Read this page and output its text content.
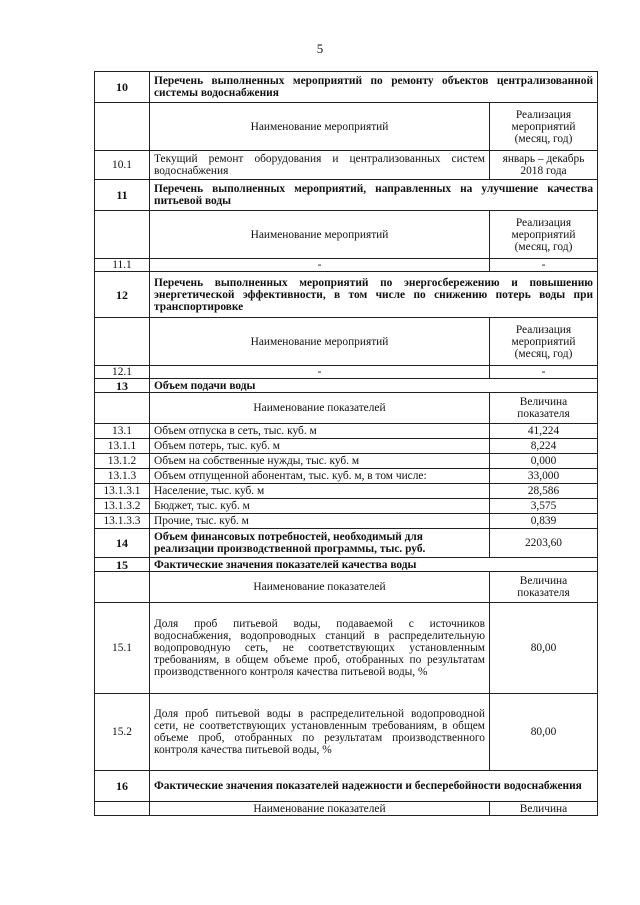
5
10	Перечень выполненных мероприятий по ремонту объектов централизованной системы водоснабжения	
	Наименование мероприятий	Реализация мероприятий (месяц, год)
10.1	Текущий ремонт оборудования и централизованных систем водоснабжения	январь – декабрь 2018 года
11	Перечень выполненных мероприятий, направленных на улучшение качества питьевой воды	
	Наименование мероприятий	Реализация мероприятий (месяц, год)
11.1	-	-
12	Перечень выполненных мероприятий по энергосбережению и повышению энергетической эффективности, в том числе по снижению потерь воды при транспортировке	
	Наименование мероприятий	Реализация мероприятий (месяц, год)
12.1	-	-
13	Объем подачи воды	
	Наименование показателей	Величина показателя
13.1	Объем отпуска в сеть, тыс. куб. м	41,224
13.1.1	Объем потерь, тыс. куб. м	8,224
13.1.2	Объем на собственные нужды, тыс. куб. м	0,000
13.1.3	Объем отпущенной абонентам, тыс. куб. м, в том числе:	33,000
13.1.3.1	Население, тыс. куб. м	28,586
13.1.3.2	Бюджет, тыс. куб. м	3,575
13.1.3.3	Прочие, тыс. куб. м	0,839
14	Объем финансовых потребностей, необходимый для реализации производственной программы, тыс. руб.	2203,60
15	Фактические значения показателей качества воды	
	Наименование показателей	Величина показателя
15.1	Доля проб питьевой воды, подаваемой с источников водоснабжения, водопроводных станций в распределительную водопроводную сеть, не соответствующих установленным требованиям, в общем объеме проб, отобранных по результатам производственного контроля качества питьевой воды, %	80,00
15.2	Доля проб питьевой воды в распределительной водопроводной сети, не соответствующих установленным требованиям, в общем объеме проб, отобранных по результатам производственного контроля качества питьевой воды, %	80,00
16	Фактические значения показателей надежности и бесперебойности водоснабжения	
	Наименование показателей	Величина
